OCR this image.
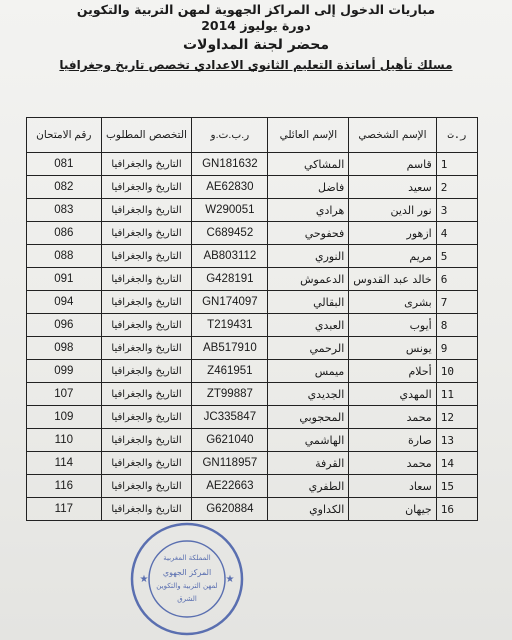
مباريات الدخول إلى المراكز الجهوية لمهن التربية والتكوين
دورة يوليوز 2014
محضر لجنة المداولات
مسلك تأهيل أساتذة التعليم الثانوي الاعدادي تخصص تاريخ وجغرافيا
ر.ت	الإسم الشخصي	الإسم العائلي	ر.ب.ت.و	التخصص المطلوب	رقم الامتحان
1	قاسم	المشاكي	GN181632	التاريخ والجغرافيا	081
2	سعيد	فاضل	AE62830	التاريخ والجغرافيا	082
3	نور الدين	هرادي	W290051	التاريخ والجغرافيا	083
4	ازهور	فحفوحي	C689452	التاريخ والجغرافيا	086
5	مريم	النوري	AB803112	التاريخ والجغرافيا	088
6	خالد عبد القدوس	الدعموش	G428191	التاريخ والجغرافيا	091
7	بشرى	البقالي	GN174097	التاريخ والجغرافيا	094
8	أيوب	العبدي	T219431	التاريخ والجغرافيا	096
9	يونس	الرحمي	AB517910	التاريخ والجغرافيا	098
10	أحلام	ميمس	Z461951	التاريخ والجغرافيا	099
11	المهدي	الجديدي	ZT99887	التاريخ والجغرافيا	107
12	محمد	المحجوبي	JC335847	التاريخ والجغرافيا	109
13	صارة	الهاشمي	G621040	التاريخ والجغرافيا	110
14	محمد	القرفة	GN118957	التاريخ والجغرافيا	114
15	سعاد	الطفري	AE22663	التاريخ والجغرافيا	116
16	جيهان	الكداوي	G620884	التاريخ والجغرافيا	117
المملكة المغربية
المركز الجهوي
لمهن التربية والتكوين
الشرق
★	★
